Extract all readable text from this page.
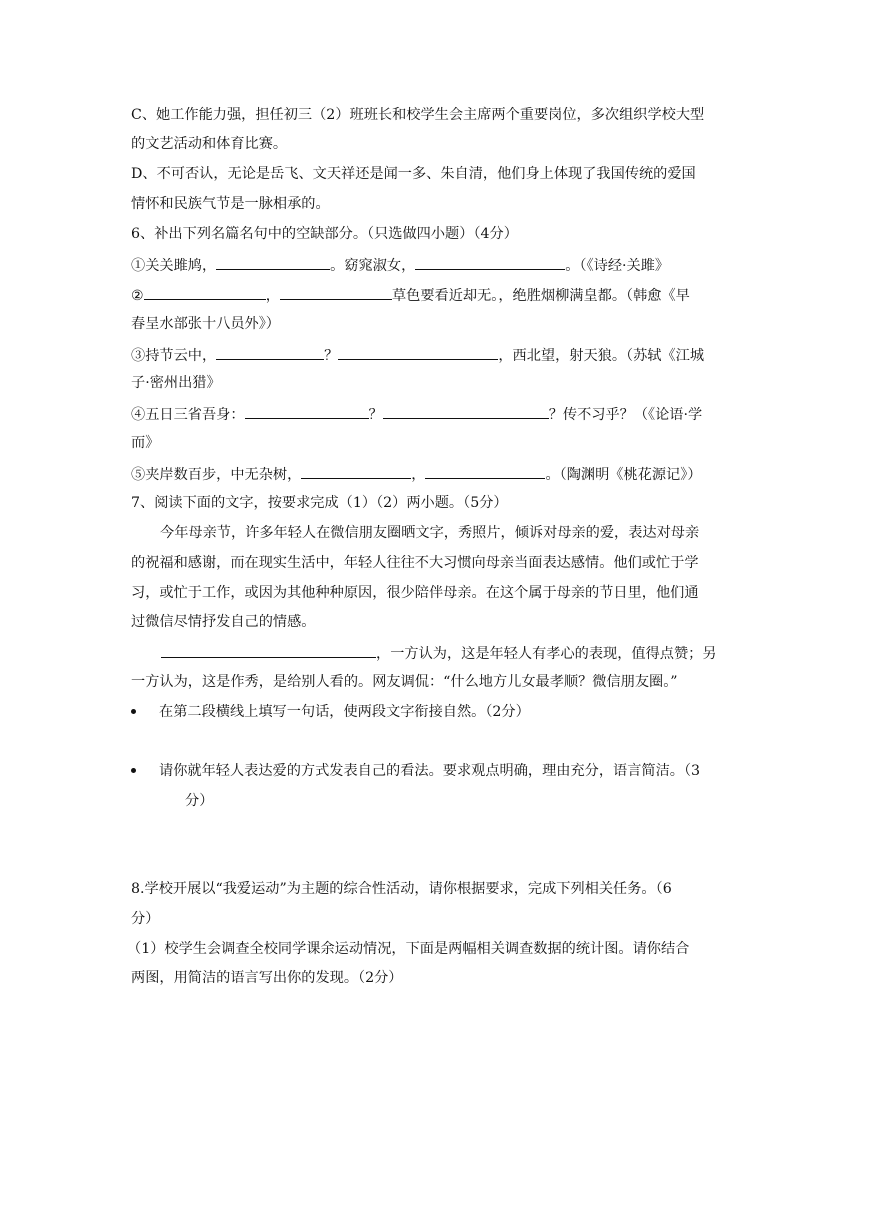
C、她工作能力强，担任初三（2）班班长和校学生会主席两个重要岗位，多次组织学校大型
的文艺活动和体育比赛。
D、不可否认，无论是岳飞、文天祥还是闻一多、朱自清，他们身上体现了我国传统的爱国
情怀和民族气节是一脉相承的。
6、补出下列名篇名句中的空缺部分。（只选做四小题）（4分）
①关关雎鸠，	。窈窕淑女，	。（《诗经·关雎》
②	，	草色要看近却无。，绝胜烟柳满皇都。（韩愈《早
春呈水部张十八员外》）
③持节云中，	？	，西北望，射天狼。（苏轼《江城
子·密州出猎》
④五日三省吾身：	？	？传不习乎？（《论语·学
而》
⑤夹岸数百步，中无杂树，	，	。（陶渊明《桃花源记》）
7、阅读下面的文字，按要求完成（1）（2）两小题。（5分）
今年母亲节，许多年轻人在微信朋友圈晒文字，秀照片，倾诉对母亲的爱，表达对母亲
的祝福和感谢，而在现实生活中，年轻人往往不大习惯向母亲当面表达感情。他们或忙于学
习，或忙于工作，或因为其他种种原因，很少陪伴母亲。在这个属于母亲的节日里，他们通
过微信尽情抒发自己的情感。
，一方认为，这是年轻人有孝心的表现，值得点赞；另
一方认为，这是作秀，是给别人看的。网友调侃：“什么地方儿女最孝顺？微信朋友圈。”
在第二段横线上填写一句话，使两段文字衔接自然。（2分）
请你就年轻人表达爱的方式发表自己的看法。要求观点明确，理由充分，语言简洁。（3
分）
8.学校开展以“我爱运动”为主题的综合性活动，请你根据要求，完成下列相关任务。（6
分）
（1）校学生会调查全校同学课余运动情况，下面是两幅相关调查数据的统计图。请你结合
两图，用简洁的语言写出你的发现。（2分）
